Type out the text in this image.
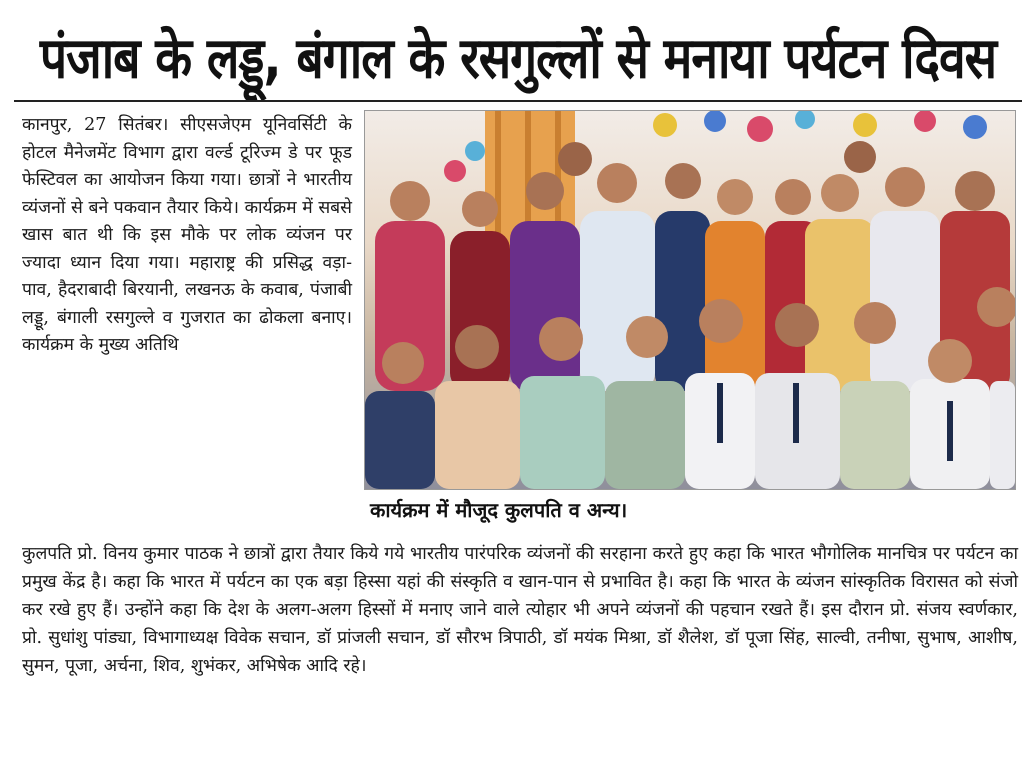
पंजाब के लड्डू, बंगाल के रसगुल्लों से मनाया पर्यटन दिवस
कानपुर, 27 सितंबर। सीएसजेएम यूनिवर्सिटी के होटल मैनेजमेंट विभाग द्वारा वर्ल्ड टूरिज्म डे पर फूड फेस्टिवल का आयोजन किया गया। छात्रों ने भारतीय व्यंजनों से बने पकवान तैयार किये। कार्यक्रम में सबसे खास बात थी कि इस मौके पर लोक व्यंजन पर ज्यादा ध्यान दिया गया। महाराष्ट्र की प्रसिद्ध वड़ा-पाव, हैदराबादी बिरयानी, लखनऊ के कवाब, पंजाबी लड्डू, बंगाली रसगुल्ले व गुजरात का ढोकला बनाए। कार्यक्रम के मुख्य अतिथि
कार्यक्रम में मौजूद कुलपति व अन्य।
कुलपति प्रो. विनय कुमार पाठक ने छात्रों द्वारा तैयार किये गये भारतीय पारंपरिक व्यंजनों की सरहाना करते हुए कहा कि भारत भौगोलिक मानचित्र पर पर्यटन का प्रमुख केंद्र है। कहा कि भारत में पर्यटन का एक बड़ा हिस्सा यहां की संस्कृति व खान-पान से प्रभावित है। कहा कि भारत के व्यंजन सांस्कृतिक विरासत को संजो कर रखे हुए हैं। उन्होंने कहा कि देश के अलग-अलग हिस्सों में मनाए जाने वाले त्योहार भी अपने व्यंजनों की पहचान रखते हैं। इस दौरान प्रो. संजय स्वर्णकार, प्रो. सुधांशु पांड्या, विभागाध्यक्ष विवेक सचान, डॉ प्रांजली सचान, डॉ सौरभ त्रिपाठी, डॉ मयंक मिश्रा, डॉ शैलेश, डॉ पूजा सिंह, साल्वी, तनीषा, सुभाष, आशीष, सुमन, पूजा, अर्चना, शिव, शुभंकर, अभिषेक आदि रहे।
